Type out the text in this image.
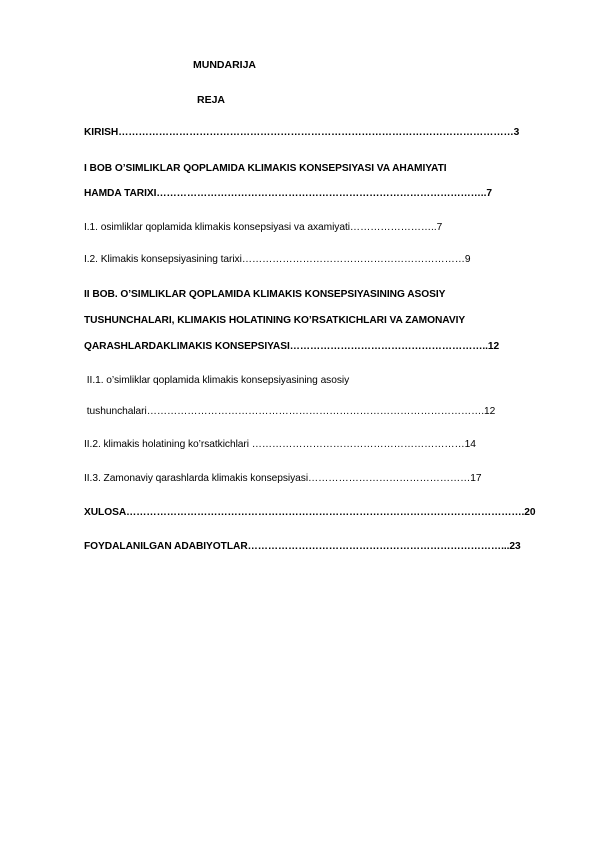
MUNDARIJA
REJA
KIRISH………………………………………………………………………………………………………3
I BOB O’SIMLIKLAR QOPLAMIDA KLIMAKIS KONSEPSIYASI VA AHAMIYATI
HAMDA TARIXI……………………………………………………………………………………..7
I.1. osimliklar qoplamida klimakis konsepsiyasi va axamiyati……………………..7
I.2. Klimakis konsepsiyasining tarixi…………………………………………………………9
II BOB. O’SIMLIKLAR QOPLAMIDA KLIMAKIS KONSEPSIYASINING ASOSIY
TUSHUNCHALARI, KLIMAKIS HOLATINING KO’RSATKICHLARI VA ZAMONAVIY
QARASHLARDAKLIMAKIS KONSEPSIYASI…………………………………………………..12
II.1. o’simliklar qoplamida klimakis konsepsiyasining asosiy
tushunchalari……………………………………………………………………………………….12
II.2. klimakis holatining ko’rsatkichlari ………………………………………………………14
II.3. Zamonaviy qarashlarda klimakis konsepsiyasi…………………………………………17
XULOSA……………………………………………………………………………………………………….20
FOYDALANILGAN ADABIYOTLAR…………………………………………………………………...23
